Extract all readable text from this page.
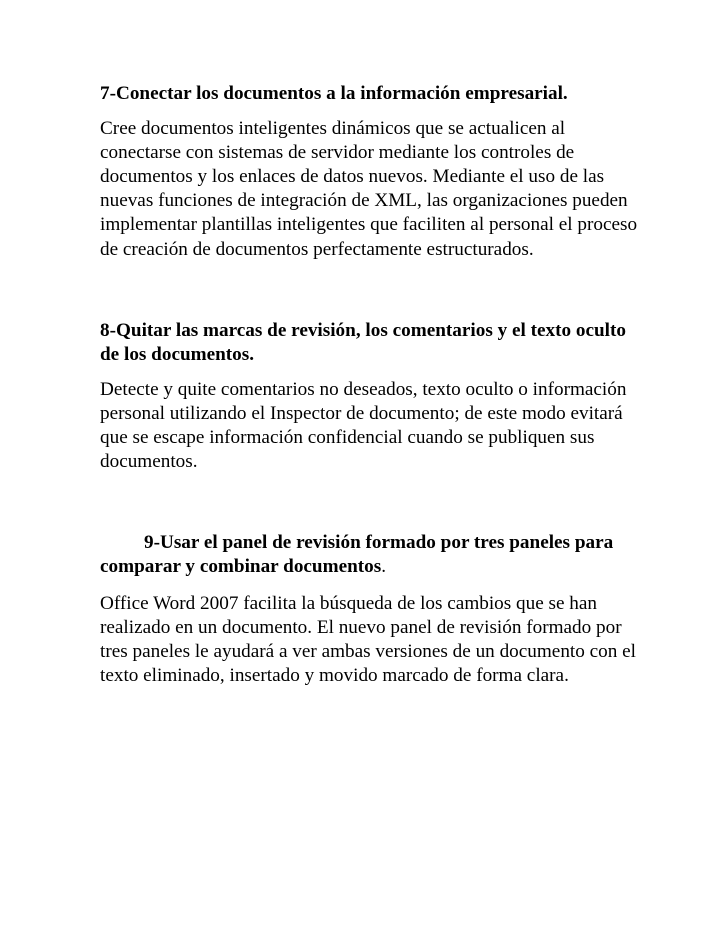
7-Conectar los documentos a la información empresarial.

Cree documentos inteligentes dinámicos que se actualicen al conectarse con sistemas de servidor mediante los controles de documentos y los enlaces de datos nuevos. Mediante el uso de las nuevas funciones de integración de XML, las organizaciones pueden implementar plantillas inteligentes que faciliten al personal el proceso de creación de documentos perfectamente estructurados.

8-Quitar las marcas de revisión, los comentarios y el texto oculto de los documentos.

Detecte y quite comentarios no deseados, texto oculto o información personal utilizando el Inspector de documento; de este modo evitará que se escape información confidencial cuando se publiquen sus documentos.

9-Usar el panel de revisión formado por tres paneles para comparar y combinar documentos.

Office Word 2007 facilita la búsqueda de los cambios que se han realizado en un documento. El nuevo panel de revisión formado por tres paneles le ayudará a ver ambas versiones de un documento con el texto eliminado, insertado y movido marcado de forma clara.
